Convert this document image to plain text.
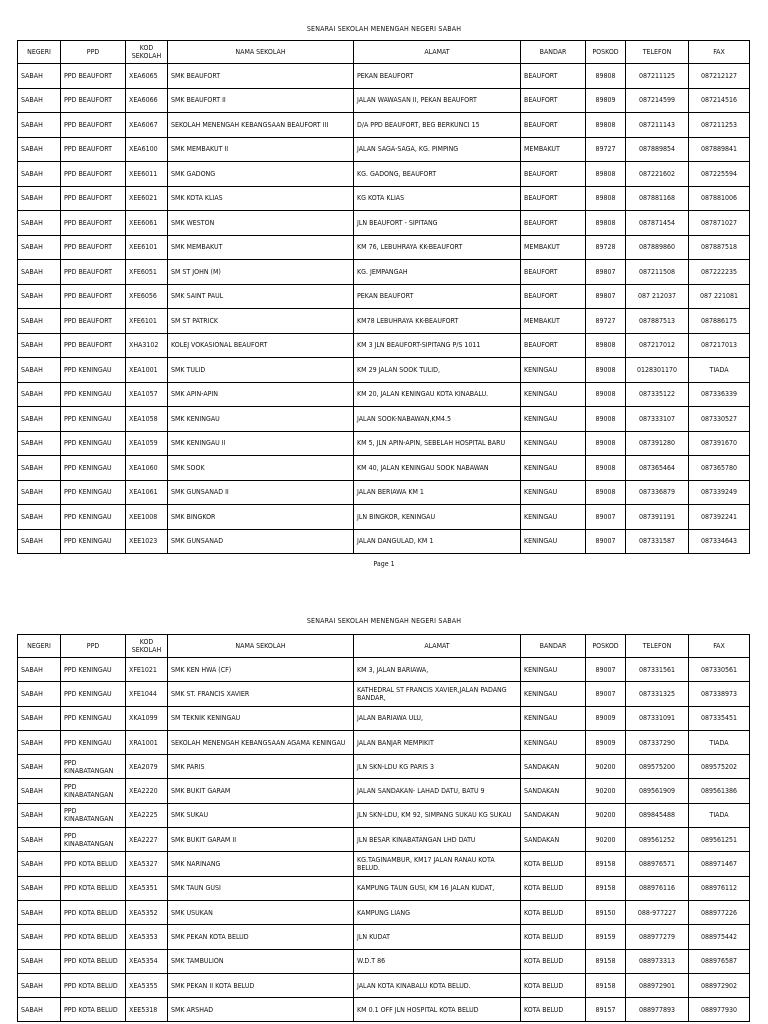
SENARAI SEKOLAH MENENGAH NEGERI SABAH
NEGERI	PPD	KOD SEKOLAH	NAMA SEKOLAH	ALAMAT	BANDAR	POSKOD	TELEFON	FAX
SABAH	PPD BEAUFORT	XEA6065	SMK BEAUFORT	PEKAN BEAUFORT	BEAUFORT	89808	087211125	087212127
SABAH	PPD BEAUFORT	XEA6066	SMK BEAUFORT II	JALAN WAWASAN II, PEKAN BEAUFORT	BEAUFORT	89809	087214599	087214516
SABAH	PPD BEAUFORT	XEA6067	SEKOLAH MENENGAH KEBANGSAAN BEAUFORT III	D/A PPD BEAUFORT, BEG BERKUNCI 15	BEAUFORT	89808	087211143	087211253
SABAH	PPD BEAUFORT	XEA6100	SMK MEMBAKUT II	JALAN SAGA-SAGA, KG. PIMPING	MEMBAKUT	89727	087889854	087889841
SABAH	PPD BEAUFORT	XEE6011	SMK GADONG	KG. GADONG, BEAUFORT	BEAUFORT	89808	087221602	087225594
SABAH	PPD BEAUFORT	XEE6021	SMK KOTA KLIAS	KG KOTA KLIAS	BEAUFORT	89808	087881168	087881006
SABAH	PPD BEAUFORT	XEE6061	SMK WESTON	JLN BEAUFORT - SIPITANG	BEAUFORT	89808	087871454	087871027
SABAH	PPD BEAUFORT	XEE6101	SMK MEMBAKUT	KM 76, LEBUHRAYA KK-BEAUFORT	MEMBAKUT	89728	087889860	087887518
SABAH	PPD BEAUFORT	XFE6051	SM ST JOHN (M)	KG. JEMPANGAH	BEAUFORT	89807	087211508	087222235
SABAH	PPD BEAUFORT	XFE6056	SMK SAINT PAUL	PEKAN BEAUFORT	BEAUFORT	89807	087 212037	087 221081
SABAH	PPD BEAUFORT	XFE6101	SM ST PATRICK	KM78 LEBUHRAYA KK-BEAUFORT	MEMBAKUT	89727	087887513	087886175
SABAH	PPD BEAUFORT	XHA3102	KOLEJ VOKASIONAL BEAUFORT	KM 3 JLN BEAUFORT-SIPITANG P/S 1011	BEAUFORT	89808	087217012	087217013
SABAH	PPD KENINGAU	XEA1001	SMK TULID	KM 29 JALAN SOOK TULID,	KENINGAU	89008	0128301170	TIADA
SABAH	PPD KENINGAU	XEA1057	SMK APIN-APIN	KM 20, JALAN KENINGAU KOTA KINABALU.	KENINGAU	89008	087335122	087336339
SABAH	PPD KENINGAU	XEA1058	SMK KENINGAU	JALAN SOOK-NABAWAN,KM4.5	KENINGAU	89008	087333107	087330527
SABAH	PPD KENINGAU	XEA1059	SMK KENINGAU II	KM 5, JLN APIN-APIN, SEBELAH HOSPITAL BARU	KENINGAU	89008	087391280	087391670
SABAH	PPD KENINGAU	XEA1060	SMK SOOK	KM 40, JALAN KENINGAU SOOK NABAWAN	KENINGAU	89008	087365464	087365780
SABAH	PPD KENINGAU	XEA1061	SMK GUNSANAD II	JALAN BERIAWA KM 1	KENINGAU	89008	087336879	087339249
SABAH	PPD KENINGAU	XEE1008	SMK BINGKOR	JLN BINGKOR, KENINGAU	KENINGAU	89007	087391191	087392241
SABAH	PPD KENINGAU	XEE1023	SMK GUNSANAD	JALAN DANGULAD, KM 1	KENINGAU	89007	087331587	087334643
Page 1
SENARAI SEKOLAH MENENGAH NEGERI SABAH
NEGERI	PPD	KOD SEKOLAH	NAMA SEKOLAH	ALAMAT	BANDAR	POSKOD	TELEFON	FAX
SABAH	PPD KENINGAU	XFE1021	SMK KEN HWA (CF)	KM 3, JALAN BARIAWA,	KENINGAU	89007	087331561	087330561
SABAH	PPD KENINGAU	XFE1044	SMK ST. FRANCIS XAVIER	KATHEDRAL ST FRANCIS XAVIER,JALAN PADANG BANDAR,	KENINGAU	89007	087331325	087338973
SABAH	PPD KENINGAU	XKA1099	SM TEKNIK KENINGAU	JALAN BARIAWA ULU,	KENINGAU	89009	087331091	087335451
SABAH	PPD KENINGAU	XRA1001	SEKOLAH MENENGAH KEBANGSAAN AGAMA KENINGAU	JALAN BANJAR MEMPIKIT	KENINGAU	89009	087337290	TIADA
SABAH	PPD KINABATANGAN	XEA2079	SMK PARIS	JLN SKN-LDU KG PARIS 3	SANDAKAN	90200	089575200	089575202
SABAH	PPD KINABATANGAN	XEA2220	SMK BUKIT GARAM	JALAN SANDAKAN- LAHAD DATU, BATU 9	SANDAKAN	90200	089561909	089561386
SABAH	PPD KINABATANGAN	XEA2225	SMK SUKAU	JLN SKN-LDU, KM 92, SIMPANG SUKAU KG SUKAU	SANDAKAN	90200	089845488	TIADA
SABAH	PPD KINABATANGAN	XEA2227	SMK BUKIT GARAM II	JLN BESAR KINABATANGAN LHD DATU	SANDAKAN	90200	089561252	089561251
SABAH	PPD KOTA BELUD	XEA5327	SMK NARINANG	KG.TAGINAMBUR, KM17 JALAN RANAU KOTA BELUD.	KOTA BELUD	89158	088976571	088971467
SABAH	PPD KOTA BELUD	XEA5351	SMK TAUN GUSI	KAMPUNG TAUN GUSI, KM 16 JALAN KUDAT,	KOTA BELUD	89158	088976116	088976112
SABAH	PPD KOTA BELUD	XEA5352	SMK USUKAN	KAMPUNG LIANG	KOTA BELUD	89150	088-977227	088977226
SABAH	PPD KOTA BELUD	XEA5353	SMK PEKAN KOTA BELUD	JLN KUDAT	KOTA BELUD	89159	088977279	088975442
SABAH	PPD KOTA BELUD	XEA5354	SMK TAMBULION	W.D.T 86	KOTA BELUD	89158	088973313	088976587
SABAH	PPD KOTA BELUD	XEA5355	SMK PEKAN II KOTA BELUD	JALAN KOTA KINABALU KOTA BELUD.	KOTA BELUD	89158	088972901	088972902
SABAH	PPD KOTA BELUD	XEE5318	SMK ARSHAD	KM 0.1 OFF JLN HOSPITAL KOTA BELUD	KOTA BELUD	89157	088977893	088977930
